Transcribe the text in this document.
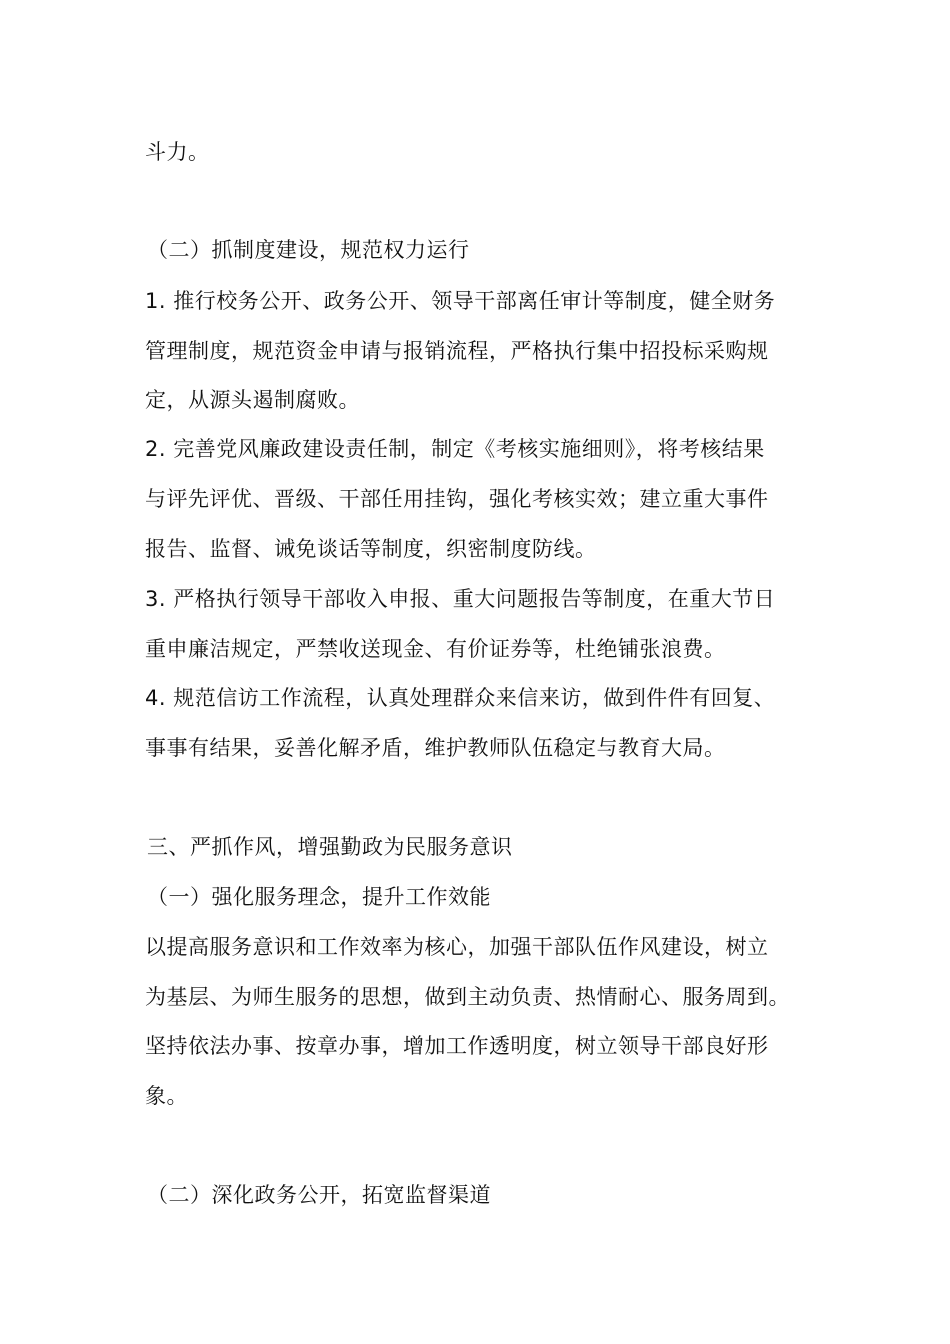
斗力。
（二）抓制度建设，规范权力运行
1. 推行校务公开、政务公开、领导干部离任审计等制度，健全财务
管理制度，规范资金申请与报销流程，严格执行集中招投标采购规
定，从源头遏制腐败。
2. 完善党风廉政建设责任制，制定《考核实施细则》，将考核结果
与评先评优、晋级、干部任用挂钩，强化考核实效；建立重大事件
报告、监督、诫免谈话等制度，织密制度防线。
3. 严格执行领导干部收入申报、重大问题报告等制度，在重大节日
重申廉洁规定，严禁收送现金、有价证券等，杜绝铺张浪费。
4. 规范信访工作流程，认真处理群众来信来访，做到件件有回复、
事事有结果，妥善化解矛盾，维护教师队伍稳定与教育大局。
三、严抓作风，增强勤政为民服务意识
（一）强化服务理念，提升工作效能
以提高服务意识和工作效率为核心，加强干部队伍作风建设，树立
为基层、为师生服务的思想，做到主动负责、热情耐心、服务周到。
坚持依法办事、按章办事，增加工作透明度，树立领导干部良好形
象。
（二）深化政务公开，拓宽监督渠道
